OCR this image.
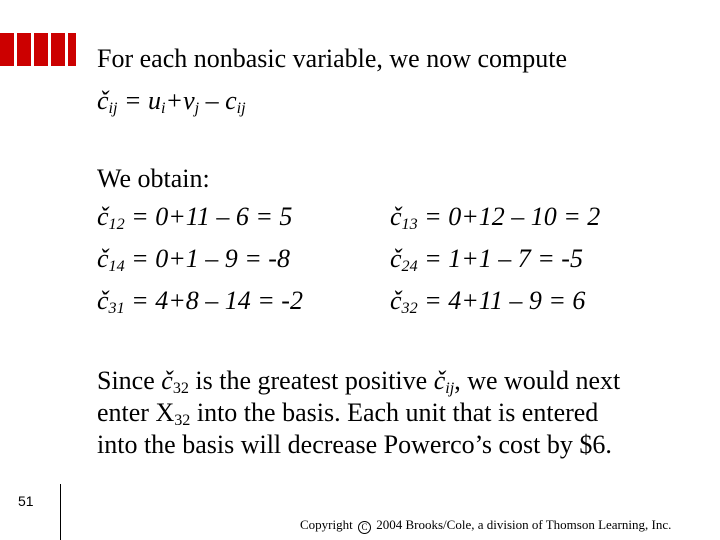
For each nonbasic variable, we now compute
$č_{ij} = u_i+v_j - c_{ij}$
We obtain:
$č_{12} = 0+11 - 6 = 5$	$č_{13} = 0+12 - 10 = 2$
$č_{14} = 0+1 - 9 = -8$	$č_{24} = 1+1 - 7 = -5$
$č_{31} = 4+8 - 14 = -2$	$č_{32} = 4+11 - 9 = 6$
Since $č_{32}$ is the greatest positive $č_{ij}$, we would next
enter $X_{32}$ into the basis. Each unit that is entered
into the basis will decrease Powerco’s cost by $6.
51
Copyright C 2004 Brooks/Cole, a division of Thomson Learning, Inc.
